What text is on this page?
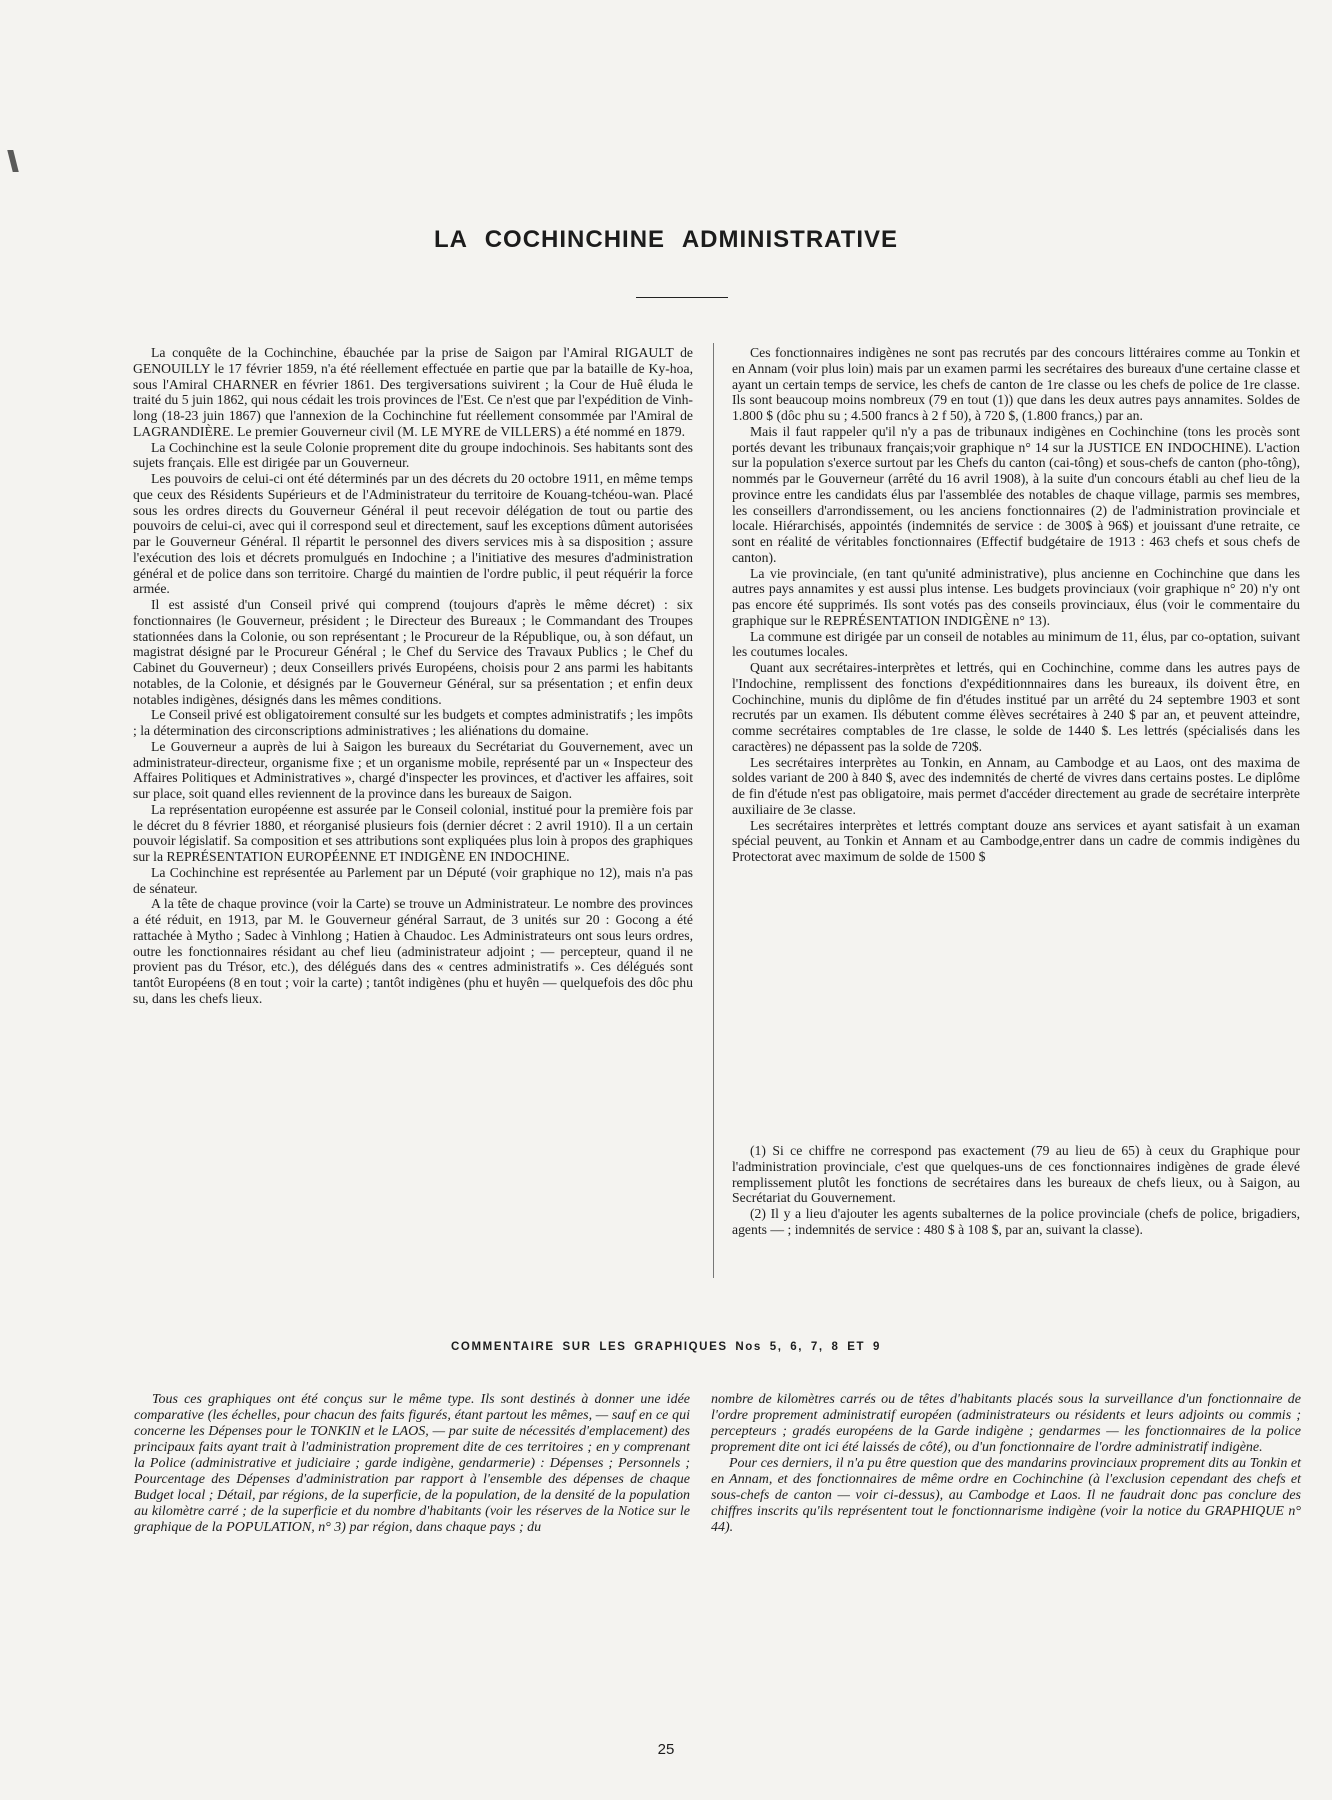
LA COCHINCHINE ADMINISTRATIVE

La conquête de la Cochinchine, ébauchée par la prise de Saigon par l'Amiral RIGAULT de GENOUILLY le 17 février 1859, n'a été réellement effectuée en partie que par la bataille de Ky-hoa, sous l'Amiral CHARNER en février 1861. Des tergiversations suivirent ; la Cour de Huê éluda le traité du 5 juin 1862, qui nous cédait les trois provinces de l'Est. Ce n'est que par l'expédition de Vinh-long (18-23 juin 1867) que l'annexion de la Cochinchine fut réellement consommée par l'Amiral de LAGRANDIÈRE. Le premier Gouverneur civil (M. LE MYRE de VILLERS) a été nommé en 1879.

La Cochinchine est la seule Colonie proprement dite du groupe indochinois. Ses habitants sont des sujets français. Elle est dirigée par un Gouverneur.

Les pouvoirs de celui-ci ont été déterminés par un des décrets du 20 octobre 1911, en même temps que ceux des Résidents Supérieurs et de l'Administrateur du territoire de Kouang-tchéou-wan. Placé sous les ordres directs du Gouverneur Général il peut recevoir délégation de tout ou partie des pouvoirs de celui-ci, avec qui il correspond seul et directement, sauf les exceptions dûment autorisées par le Gouverneur Général. Il répartit le personnel des divers services mis à sa disposition ; assure l'exécution des lois et décrets promulgués en Indochine ; a l'initiative des mesures d'administration général et de police dans son territoire. Chargé du maintien de l'ordre public, il peut réquérir la force armée.

Il est assisté d'un Conseil privé qui comprend (toujours d'après le même décret) : six fonctionnaires (le Gouverneur, président ; le Directeur des Bureaux ; le Commandant des Troupes stationnées dans la Colonie, ou son représentant ; le Procureur de la République, ou, à son défaut, un magistrat désigné par le Procureur Général ; le Chef du Service des Travaux Publics ; le Chef du Cabinet du Gouverneur) ; deux Conseillers privés Européens, choisis pour 2 ans parmi les habitants notables, de la Colonie, et désignés par le Gouverneur Général, sur sa présentation ; et enfin deux notables indigènes, désignés dans les mêmes conditions.

Le Conseil privé est obligatoirement consulté sur les budgets et comptes administratifs ; les impôts ; la détermination des circonscriptions administratives ; les aliénations du domaine.

Le Gouverneur a auprès de lui à Saigon les bureaux du Secrétariat du Gouvernement, avec un administrateur-directeur, organisme fixe ; et un organisme mobile, représenté par un « Inspecteur des Affaires Politiques et Administratives », chargé d'inspecter les provinces, et d'activer les affaires, soit sur place, soit quand elles reviennent de la province dans les bureaux de Saigon.

La représentation européenne est assurée par le Conseil colonial, institué pour la première fois par le décret du 8 février 1880, et réorganisé plusieurs fois (dernier décret : 2 avril 1910). Il a un certain pouvoir législatif. Sa composition et ses attributions sont expliquées plus loin à propos des graphiques sur la REPRÉSENTATION EUROPÉENNE ET INDIGÈNE EN INDOCHINE.

La Cochinchine est représentée au Parlement par un Député (voir graphique no 12), mais n'a pas de sénateur.

A la tête de chaque province (voir la Carte) se trouve un Administrateur. Le nombre des provinces a été réduit, en 1913, par M. le Gouverneur général Sarraut, de 3 unités sur 20 : Gocong a été rattachée à Mytho ; Sadec à Vinhlong ; Hatien à Chaudoc. Les Administrateurs ont sous leurs ordres, outre les fonctionnaires résidant au chef lieu (administrateur adjoint ; — percepteur, quand il ne provient pas du Trésor, etc.), des délégués dans des « centres administratifs ». Ces délégués sont tantôt Européens (8 en tout ; voir la carte) ; tantôt indigènes (phu et huyên — quelquefois des dôc phu su, dans les chefs lieux.

Ces fonctionnaires indigènes ne sont pas recrutés par des concours littéraires comme au Tonkin et en Annam (voir plus loin) mais par un examen parmi les secrétaires des bureaux d'une certaine classe et ayant un certain temps de service, les chefs de canton de 1re classe ou les chefs de police de 1re classe. Ils sont beaucoup moins nombreux (79 en tout (1)) que dans les deux autres pays annamites. Soldes de 1.800 $ (dôc phu su ; 4.500 francs à 2 f 50), à 720 $, (1.800 francs,) par an.

Mais il faut rappeler qu'il n'y a pas de tribunaux indigènes en Cochinchine (tons les procès sont portés devant les tribunaux français;voir graphique n° 14 sur la JUSTICE EN INDOCHINE). L'action sur la population s'exerce surtout par les Chefs du canton (cai-tông) et sous-chefs de canton (pho-tông), nommés par le Gouverneur (arrêté du 16 avril 1908), à la suite d'un concours établi au chef lieu de la province entre les candidats élus par l'assemblée des notables de chaque village, parmis ses membres, les conseillers d'arrondissement, ou les anciens fonctionnaires (2) de l'administration provinciale et locale. Hiérarchisés, appointés (indemnités de service : de 300$ à 96$) et jouissant d'une retraite, ce sont en réalité de véritables fonctionnaires (Effectif budgétaire de 1913 : 463 chefs et sous chefs de canton).

La vie provinciale, (en tant qu'unité administrative), plus ancienne en Cochinchine que dans les autres pays annamites y est aussi plus intense. Les budgets provinciaux (voir graphique n° 20) n'y ont pas encore été supprimés. Ils sont votés pas des conseils provinciaux, élus (voir le commentaire du graphique sur le REPRÉSENTATION INDIGÈNE n° 13).

La commune est dirigée par un conseil de notables au minimum de 11, élus, par co-optation, suivant les coutumes locales.

Quant aux secrétaires-interprètes et lettrés, qui en Cochinchine, comme dans les autres pays de l'Indochine, remplissent des fonctions d'expéditionnnaires dans les bureaux, ils doivent être, en Cochinchine, munis du diplôme de fin d'études institué par un arrêté du 24 septembre 1903 et sont recrutés par un examen. Ils débutent comme élèves secrétaires à 240 $ par an, et peuvent atteindre, comme secrétaires comptables de 1re classe, le solde de 1440 $. Les lettrés (spécialisés dans les caractères) ne dépassent pas la solde de 720$.

Les secrétaires interprètes au Tonkin, en Annam, au Cambodge et au Laos, ont des maxima de soldes variant de 200 à 840 $, avec des indemnités de cherté de vivres dans certains postes. Le diplôme de fin d'étude n'est pas obligatoire, mais permet d'accéder directement au grade de secrétaire interprète auxiliaire de 3e classe.

Les secrétaires interprètes et lettrés comptant douze ans services et ayant satisfait à un examan spécial peuvent, au Tonkin et Annam et au Cambodge,entrer dans un cadre de commis indigènes du Protectorat avec maximum de solde de 1500 $

(1) Si ce chiffre ne correspond pas exactement (79 au lieu de 65) à ceux du Graphique pour l'administration provinciale, c'est que quelques-uns de ces fonctionnaires indigènes de grade élevé remplissement plutôt les fonctions de secrétaires dans les bureaux de chefs lieux, ou à Saigon, au Secrétariat du Gouvernement.

(2) Il y a lieu d'ajouter les agents subalternes de la police provinciale (chefs de police, brigadiers, agents — ; indemnités de service : 480 $ à 108 $, par an, suivant la classe).

COMMENTAIRE SUR LES GRAPHIQUES Nos 5, 6, 7, 8 ET 9

Tous ces graphiques ont été conçus sur le même type. Ils sont destinés à donner une idée comparative (les échelles, pour chacun des faits figurés, étant partout les mêmes, — sauf en ce qui concerne les Dépenses pour le TONKIN et le LAOS, — par suite de nécessités d'emplacement) des principaux faits ayant trait à l'administration proprement dite de ces territoires ; en y comprenant la Police (administrative et judiciaire ; garde indigène, gendarmerie) : Dépenses ; Personnels ; Pourcentage des Dépenses d'administration par rapport à l'ensemble des dépenses de chaque Budget local ; Détail, par régions, de la superficie, de la population, de la densité de la population au kilomètre carré ; de la superficie et du nombre d'habitants (voir les réserves de la Notice sur le graphique de la POPULATION, n° 3) par région, dans chaque pays ; du

nombre de kilomètres carrés ou de têtes d'habitants placés sous la surveillance d'un fonctionnaire de l'ordre proprement administratif européen (administrateurs ou résidents et leurs adjoints ou commis ; percepteurs ; gradés européens de la Garde indigène ; gendarmes — les fonctionnaires de la police proprement dite ont ici été laissés de côté), ou d'un fonctionnaire de l'ordre administratif indigène.

Pour ces derniers, il n'a pu être question que des mandarins provinciaux proprement dits au Tonkin et en Annam, et des fonctionnaires de même ordre en Cochinchine (à l'exclusion cependant des chefs et sous-chefs de canton — voir ci-dessus), au Cambodge et Laos. Il ne faudrait donc pas conclure des chiffres inscrits qu'ils représentent tout le fonctionnarisme indigène (voir la notice du GRAPHIQUE n° 44).

25
